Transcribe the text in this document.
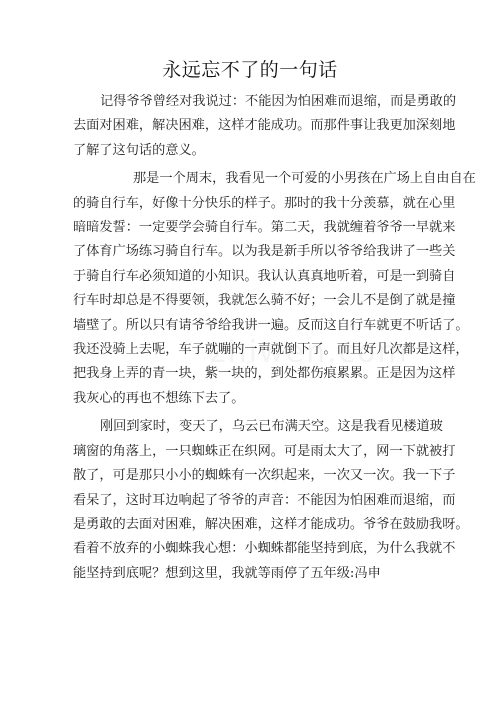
永远忘不了的一句话

记得爷爷曾经对我说过：不能因为怕困难而退缩，而是勇敢的
去面对困难，解决困难，这样才能成功。而那件事让我更加深刻地
了解了这句话的意义。

那是一个周末，我看见一个可爱的小男孩在广场上自由自在
的骑自行车，好像十分快乐的样子。那时的我十分羡慕，就在心里
暗暗发誓：一定要学会骑自行车。第二天，我就缠着爷爷一早就来
了体育广场练习骑自行车。以为我是新手所以爷爷给我讲了一些关
于骑自行车必须知道的小知识。我认认真真地听着，可是一到骑自
行车时却总是不得要领，我就怎么骑不好；一会儿不是倒了就是撞
墙壁了。所以只有请爷爷给我讲一遍。反而这自行车就更不听话了。
我还没骑上去呢，车子就嘣的一声就倒下了。而且好几次都是这样，
把我身上弄的青一块，紫一块的，到处都伤痕累累。正是因为这样
我灰心的再也不想练下去了。

刚回到家时，变天了，乌云已布满天空。这是我看见楼道玻
璃窗的角落上，一只蜘蛛正在织网。可是雨太大了，网一下就被打
散了，可是那只小小的蜘蛛有一次织起来，一次又一次。我一下子
看呆了，这时耳边响起了爷爷的声音：不能因为怕困难而退缩，而
是勇敢的去面对困难，解决困难，这样才能成功。爷爷在鼓励我呀。
看着不放弃的小蜘蛛我心想：小蜘蛛都能坚持到底，为什么我就不
能坚持到底呢？想到这里，我就等雨停了五年级:冯申
